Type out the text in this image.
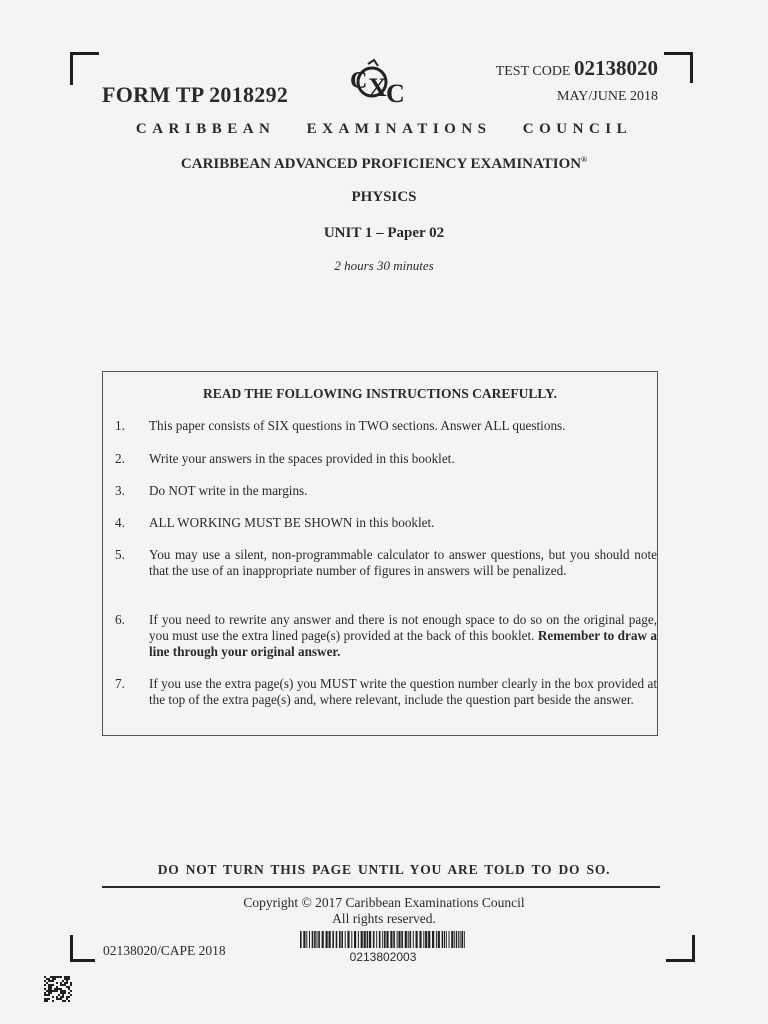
FORM TP 2018292
C X C
TEST CODE 02138020
MAY/JUNE 2018
CARIBBEAN EXAMINATIONS COUNCIL
CARIBBEAN ADVANCED PROFICIENCY EXAMINATION®
PHYSICS
UNIT 1 – Paper 02
2 hours 30 minutes
READ THE FOLLOWING INSTRUCTIONS CAREFULLY.
1.	This paper consists of SIX questions in TWO sections. Answer ALL questions.
2.	Write your answers in the spaces provided in this booklet.
3.	Do NOT write in the margins.
4.	ALL WORKING MUST BE SHOWN in this booklet.
5.	You may use a silent, non-programmable calculator to answer questions, but you should note that the use of an inappropriate number of figures in answers will be penalized.
6.	If you need to rewrite any answer and there is not enough space to do so on the original page, you must use the extra lined page(s) provided at the back of this booklet. Remember to draw a line through your original answer.
7.	If you use the extra page(s) you MUST write the question number clearly in the box provided at the top of the extra page(s) and, where relevant, include the question part beside the answer.
DO NOT TURN THIS PAGE UNTIL YOU ARE TOLD TO DO SO.
Copyright © 2017 Caribbean Examinations Council
All rights reserved.
02138020/CAPE 2018	0213802003
